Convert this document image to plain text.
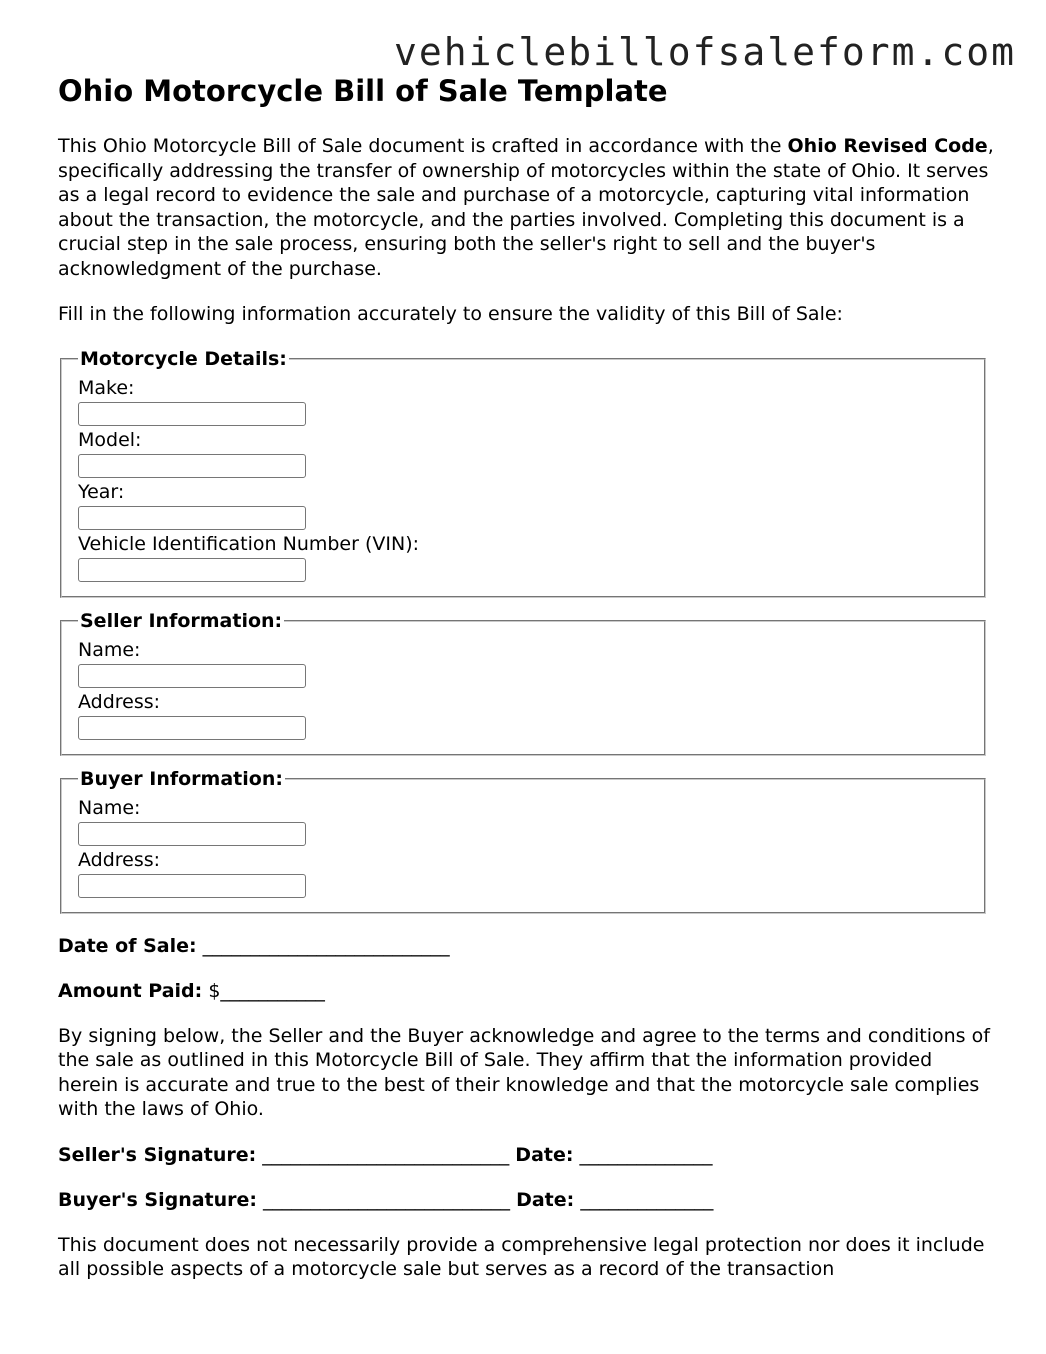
vehiclebillofsaleform.com
Ohio Motorcycle Bill of Sale Template

This Ohio Motorcycle Bill of Sale document is crafted in accordance with the Ohio Revised Code, specifically addressing the transfer of ownership of motorcycles within the state of Ohio. It serves as a legal record to evidence the sale and purchase of a motorcycle, capturing vital information about the transaction, the motorcycle, and the parties involved. Completing this document is a crucial step in the sale process, ensuring both the seller's right to sell and the buyer's acknowledgment of the purchase.

Fill in the following information accurately to ensure the validity of this Bill of Sale:

Motorcycle Details:
Make:
Model:
Year:
Vehicle Identification Number (VIN):
Seller Information:
Name:
Address:
Buyer Information:
Name:
Address:
Date of Sale: __________________________
Amount Paid: $___________

By signing below, the Seller and the Buyer acknowledge and agree to the terms and conditions of the sale as outlined in this Motorcycle Bill of Sale. They affirm that the information provided herein is accurate and true to the best of their knowledge and that the motorcycle sale complies with the laws of Ohio.

Seller's Signature: __________________________ Date: ______________
Buyer's Signature: __________________________ Date: ______________

This document does not necessarily provide a comprehensive legal protection nor does it include all possible aspects of a motorcycle sale but serves as a record of the transaction
